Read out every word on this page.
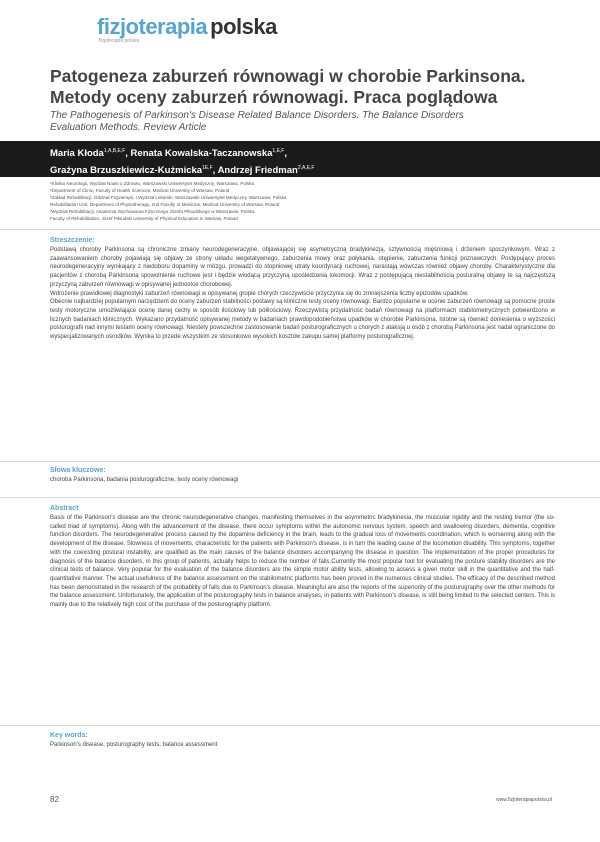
fizjoterapia polska
fizjoterapia polska
Patogeneza zaburzeń równowagi w chorobie Parkinsona.
Metody oceny zaburzeń równowagi. Praca poglądowa
The Pathogenesis of Parkinson's Disease Related Balance Disorders. The Balance Disorders
Evaluation Methods. Review Article
Maria Kłoda$^{1,A,B,E,F}$, Renata Kowalska-Taczanowska$^{1,E,F}$,
Grażyna Brzuszkiewicz-Kuźmicka$^{1E,F}$, Andrzej Friedman$^{2,A,E,F}$
¹Klinika Neurologii, Wydział Nauki o Zdrowiu, Warszawski Uniwersytet Medyczny, Warszawa, Polska
¹Department of Clinic, Faculty of Health Sciences, Medical University of Warsaw, Poland
²Zakład Rehabilitacji, Oddział Fizjoterapii, I Wydział Lekarski, Warszawski Uniwersytet Medyczny, Warszawa, Polska
Rehabilitation Unit, Department of Physiotherapy, 2nd Faculty of Medicine, Medical University of Warsaw, Poland
³Wydział Rehabilitacji, Akademia Wychowania Fizycznego Józefa Piłsudskiego w Warszawie, Polska
Faculty of Rehabilitation, Józef Piłsudski University of Physical Education in Warsaw, Poland
Streszczenie:

Podstawą choroby Parkinsona są chroniczne zmiany neurodegeneracyjne, objawiającej się asymetryczną bradykinezją, sztywnością mięśniową i drżeniem spoczynkowym. Wraz z zaawansowaniem choroby pojawiają się objawy ze strony układu wegetatywnego, zaburzenia mowy oraz połykania, otępienie, zaburzenia funkcji poznawczych. Postępujący proces neurodegeneracyjny wynikający z niedoboru dopaminy w mózgu, prowadzi do stopniowej utraty koordynacji ruchowej, narastają wówczas również objawy choroby. Charakterystyczne dla pacjentów z chorobą Parkinsona spowolnienie ruchowe jest i będzie wiodącą przyczyną upośledzenia lokomocji. Wraz z postępującą niestabilnością posturalną objawy te są najczęstszą przyczyną zaburzeń równowagi w opisywanej jednostce chorobowej.

Wdrożenie prawidłowej diagnostyki zaburzeń równowagi w opisywanej grupie chorych rzeczywiście przyczynia się do zmniejszenia liczby epizodów upadków.

Obecnie najbardziej popularnym narzędziem do oceny zaburzeń stabilności postawy są kliniczne testy oceny równowagi. Bardzo popularne w ocenie zaburzeń równowagi są pomocne proste testy motoryczne umożliwiające ocenę danej cechy w sposób ilościowy lub półilościowy. Rzeczywistą przydatność badań równowagi na platformach stabilometrycznych potwierdzono w licznych badaniach klinicznych. Wykazano przydatność opisywanej metody w badaniach prawdopodobieństwa upadków w chorobie Parkinsona. Istotne są również doniesienia o wyższości posturografii nad innymi testami oceny równowagi. Niestety powszechne zastosowanie badań posturograficznych u chorych z ataksją u osób z chorobą Parkinsona jest nadal ograniczone do wyspecjalizowanych ośrodków. Wynika to przede wszystkim ze stosunkowo wysokich kosztów zakupu samej platformy posturograficznej.

Słowa kluczowe:
choroba Parkinsona, badania posturograficzne, testy oceny równowagi
Abstract
Basis of the Parkinson's disease are the chronic neurodegenerative changes, manifesting themselves in the asymmetric bradykinesia, the muscular rigidity and the resting tremor (the so-called triad of symptoms). Along with the advancement of the disease, there occur symptoms within the autonomic nervous system, speech and swallowing disorders, dementia, cognitive function disorders. The neurodegenerative process caused by the dopamine deficiency in the brain, leads to the gradual loss of movements coordination, which is worsening along with the development of the disease. Slowness of movements, characteristic for the patients with Parkinson's disease, is in turn the leading cause of the locomotion disability. This symptoms, together with the coexisting postural instability, are qualified as the main causes of the balance disorders accompanying the disease in question. The implementation of the proper procedures for diagnosis of the balance disorders, in this group of patients, actually helps to reduce the number of falls.Currently the most popular tool for evaluating the posture stability disorders are the clinical tests of balance. Very popular for the evaluation of the balance disorders are the simple motor ability tests, allowing to assess a given motor skill in the quantitative and the half-quantitative manner. The actual usefulness of the balance assessment on the stabilometric platforms has been proved in the numerous clinical studies. The efficacy of the described method has been demonstrated in the research of the probability of falls due to Parkinson's disease. Meaningful are also the reports of the superiority of the posturography over the other methods for the balance assessment. Unfortunately, the application of the posturography tests in balance analyses, in patients with Parkinson's disease, is still being limited to the selected centers. This is mainly due to the relatively high cost of the purchase of the posturography platform.
Key words:
Parkinson's disease, posturography tests, balance assessment
82	www.fizjoterapiapolska.pl
